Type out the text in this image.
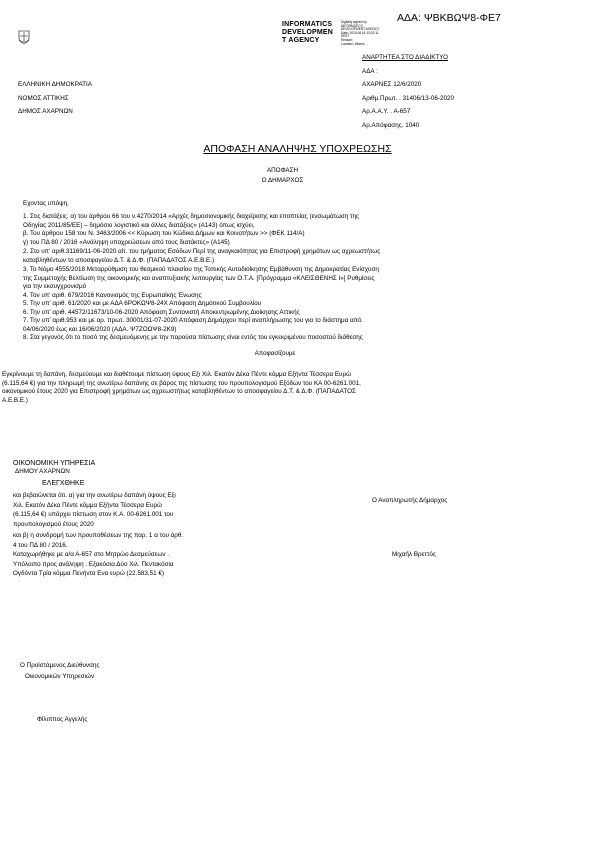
ΑΔΑ: ΨΒΚΒΩΨ8-ΦΕ7
INFORMATICS
DEVELOPMEN
T AGENCY
Digitally signed by
INFORMATICS
DEVELOPMENT AGENCY
Date: 2020.06.16 13:02:11
EEST
Reason:
Location: Athens
ΕΛΛΗΝΙΚΗ ΔΗΜΟΚΡΑΤΙΑ
ΝΟΜΟΣ ΑΤΤΙΚΗΣ
ΔΗΜΟΣ ΑΧΑΡΝΩΝ
ΑΝΑΡΤΗΤΕΑ ΣΤΟ ΔΙΑΔΙΚΤΥΟ
ΑΔΑ :
ΑΧΑΡΝΕΣ 12/6/2020
Αριθμ.Πρωτ. . 31406/13-06-2020
Αρ.Α.Α.Υ. . Α-657
Αρ.Απόφασης. 1040
ΑΠΟΦΑΣΗ ΑΝΑΛΗΨΗΣ ΥΠΟΧΡΕΩΣΗΣ
ΑΠΟΦΑΣΗ
Ο ΔΗΜΑΡΧΟΣ
Εχοντας υπόψη.
1. Στις διατάξεις. α) του άρθρου 66 του ν.4270/2014 «Αρχές δημοσιονομικής διαχείρισης και εποπτείας (ενσωμάτωση της
Οδηγίας 2011/85/ΕΕ) – δημόσιο λογιστικό και άλλες διατάξεις» (Α143) όπως ισχύει,
β. Του άρθρου 158 του Ν. 3463/2006 << Κύρωση του Κώδικα Δήμων και Κοινοτήτων >> (ΦΕΚ 114/Α)
γ) του ΠΔ 80 / 2016 «Ανάληψη υποχρεώσεων από τους διατάκτες» (Α145)
2. Στο υπ' αριθ.31169/11-06-2020 αίτ. του τμήματος Εσόδων Περί της αναγκαιότητας για Επιστροφή χρημάτων ως αχρεωστήτως
καταβληθέντων το αποσφαγείου Δ.Τ. & Δ.Φ. (ΠΑΠΑΔΑΤΟΣ Α.Ε.Β.Ε.)
3. Το Νόμο 4555/2018 Μεταρρύθμιση του θεσμικού πλαισίου της Τοπικής Αυτοδιοίκησης Εμβάθυνση της Δημοκρατίας Ενίσχυση
της Συμμετοχής Βελτίωση της οικονομικής και αναπτυξιακής λειτουργίας των Ο.Τ.Α. [Πρόγραμμα «ΚΛΕΙΣΘΕΝΗΣ Ι»] Ρυθμίσεις
για την εκσυγχρονισμό
4. Τον υπ' αριθ. 679/2016 Κανονισμός της Ευρωπαϊκής Ένωσης
5. Την υπ' αριθ. 61/2020 και με ΑΔΑ 6ΡΟΚΩΨ8-24Χ Απόφαση Δημοτικού Συμβουλίου
6. Την υπ' αριθ. 44572/11673/10-06-2020 Απόφαση Συντονιστή Αποκεντρωμένης Διοίκησης Αττικής
7. Την υπ' αριθ.953 και με αρ. πρωτ. 30001/31-07-2020 Απόφαση Δημάρχου περί αναπλήρωσης του για το διάστημα από
04/06/2020 έως και 16/06/2020 (ΑΔΑ. Ψ7ΖΟΩΨ8-2Κ9)
8. Στα γεγονός ότι το ποσό της δεσμευόμενης με την παρούσα πίστωσης είναι εντός του εγκεκριμένου ποσοστού διάθεσης
Αποφασίζουμε
Εγκρίνουμε τη δαπάνη, δεσμεύουμε και διαθέτουμε πίστωση ύψους Εξι Χιλ. Εκατόν Δέκα Πέντε κόμμα Εξήντα Τέσσερα Ευρώ
(6.115,64 €) για την πληρωμή της ανωτέρω δαπάνης σε βάρος της πίστωσης του προυπολογισμού Εξόδων του ΚΑ 00-6261.001,
οικονομικού έτους 2020 για Επιστροφή χρημάτων ως αχρεωστήτως καταβληθέντων το αποσφαγείου Δ.Τ. & Δ.Φ. (ΠΑΠΑΔΑΤΟΣ
Α.Ε.Β.Ε.)
ΟΙΚΟΝΟΜΙΚΗ ΥΠΗΡΕΣΙΑ
ΔΗΜΟΥ ΑΧΑΡΝΩΝ
ΕΛΕΓΧΘΗΚΕ
και βεβαιώνεται ότι. α) για την ανωτέρω δαπάνη ύψους Εξι
Χιλ. Εκατόν Δέκα Πέντε κόμμα Εξήντα Τέσσερα Ευρώ
(6.115,64 €) υπάρχει πίστωση στον Κ.Α. 00-6261.001 του
προυπολογισμού έτους 2020
και β) η συνδρομή των προυποθέσεων της παρ. 1 α του άρθ.
4 του ΠΔ 80 / 2016.
Καταχωρήθηκε με α/α Α-657 στο Μητρώο Δεσμεύσεων .
Υπόλοιπο προς ανάληψη . Εξακόσια Δύο Χιλ. Πεντακόσια
Ογδόντα Τρία κόμμα Πενήντα Ενα ευρώ (22.583,51 €)
Ο Αναπληρωτής Δήμαρχος
Μιχαήλ Βρεττός
Ο Προϊστάμενος Διεύθυνσης
Οικονομικών Υπηρεσιών
Φίλιππος Αγγελής
